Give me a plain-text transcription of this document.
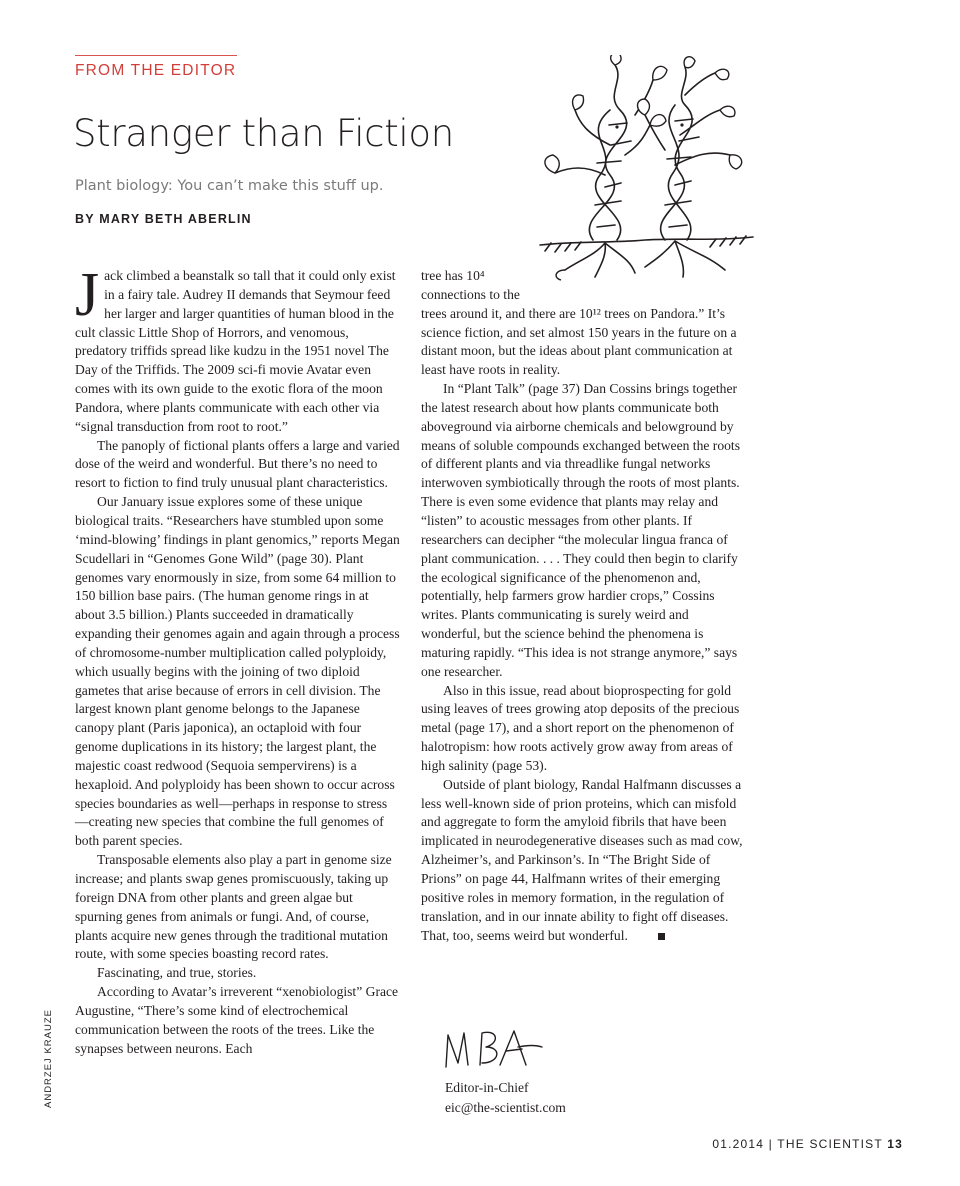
FROM THE EDITOR
Stranger than Fiction
Plant biology: You can’t make this stuff up.
BY MARY BETH ABERLIN
J ack climbed a beanstalk so tall that it could only exist in a fairy tale. Audrey II demands that Seymour feed her larger and larger quantities of human blood in the cult classic Little Shop of Horrors, and venomous, predatory triffids spread like kudzu in the 1951 novel The Day of the Triffids. The 2009 sci-fi movie Avatar even comes with its own guide to the exotic flora of the moon Pandora, where plants communicate with each other via “signal transduction from root to root.”

The panoply of fictional plants offers a large and varied dose of the weird and wonderful. But there’s no need to resort to fiction to find truly unusual plant characteristics.

Our January issue explores some of these unique biological traits. “Researchers have stumbled upon some ‘mind-blowing’ findings in plant genomics,” reports Megan Scudellari in “Genomes Gone Wild” (page 30). Plant genomes vary enormously in size, from some 64 million to 150 billion base pairs. (The human genome rings in at about 3.5 billion.) Plants succeeded in dramatically expanding their genomes again and again through a process of chromosome-number multiplication called polyploidy, which usually begins with the joining of two diploid gametes that arise because of errors in cell division. The largest known plant genome belongs to the Japanese canopy plant (Paris japonica), an octaploid with four genome duplications in its history; the largest plant, the majestic coast redwood (Sequoia sempervirens) is a hexaploid. And polyploidy has been shown to occur across species boundaries as well—perhaps in response to stress—creating new species that combine the full genomes of both parent species.

Transposable elements also play a part in genome size increase; and plants swap genes promiscuously, taking up foreign DNA from other plants and green algae but spurning genes from animals or fungi. And, of course, plants acquire new genes through the traditional mutation route, with some species boasting record rates.

Fascinating, and true, stories.

According to Avatar’s irreverent “xenobiologist” Grace Augustine, “There’s some kind of electrochemical communication between the roots of the trees. Like the synapses between neurons. Each

tree has 10⁴ connections to the trees around it, and there are 10¹² trees on Pandora.” It’s science fiction, and set almost 150 years in the future on a distant moon, but the ideas about plant communication at least have roots in reality.

In “Plant Talk” (page 37) Dan Cossins brings together the latest research about how plants communicate both aboveground via airborne chemicals and belowground by means of soluble compounds exchanged between the roots of different plants and via threadlike fungal networks interwoven symbiotically through the roots of most plants. There is even some evidence that plants may relay and “listen” to acoustic messages from other plants. If researchers can decipher “the molecular lingua franca of plant communication. . . . They could then begin to clarify the ecological significance of the phenomenon and, potentially, help farmers grow hardier crops,” Cossins writes. Plants communicating is surely weird and wonderful, but the science behind the phenomena is maturing rapidly. “This idea is not strange anymore,” says one researcher.

Also in this issue, read about bioprospecting for gold using leaves of trees growing atop deposits of the precious metal (page 17), and a short report on the phenomenon of halotropism: how roots actively grow away from areas of high salinity (page 53).

Outside of plant biology, Randal Halfmann discusses a less well-known side of prion proteins, which can misfold and aggregate to form the amyloid fibrils that have been implicated in neurodegenerative diseases such as mad cow, Alzheimer’s, and Parkinson’s. In “The Bright Side of Prions” on page 44, Halfmann writes of their emerging positive roles in memory formation, in the regulation of translation, and in our innate ability to fight off diseases. That, too, seems weird but wonderful.

Editor-in-Chief
eic@the-scientist.com
ANDRZEJ KRAUZE
01.2014 | THE SCIENTIST 13
